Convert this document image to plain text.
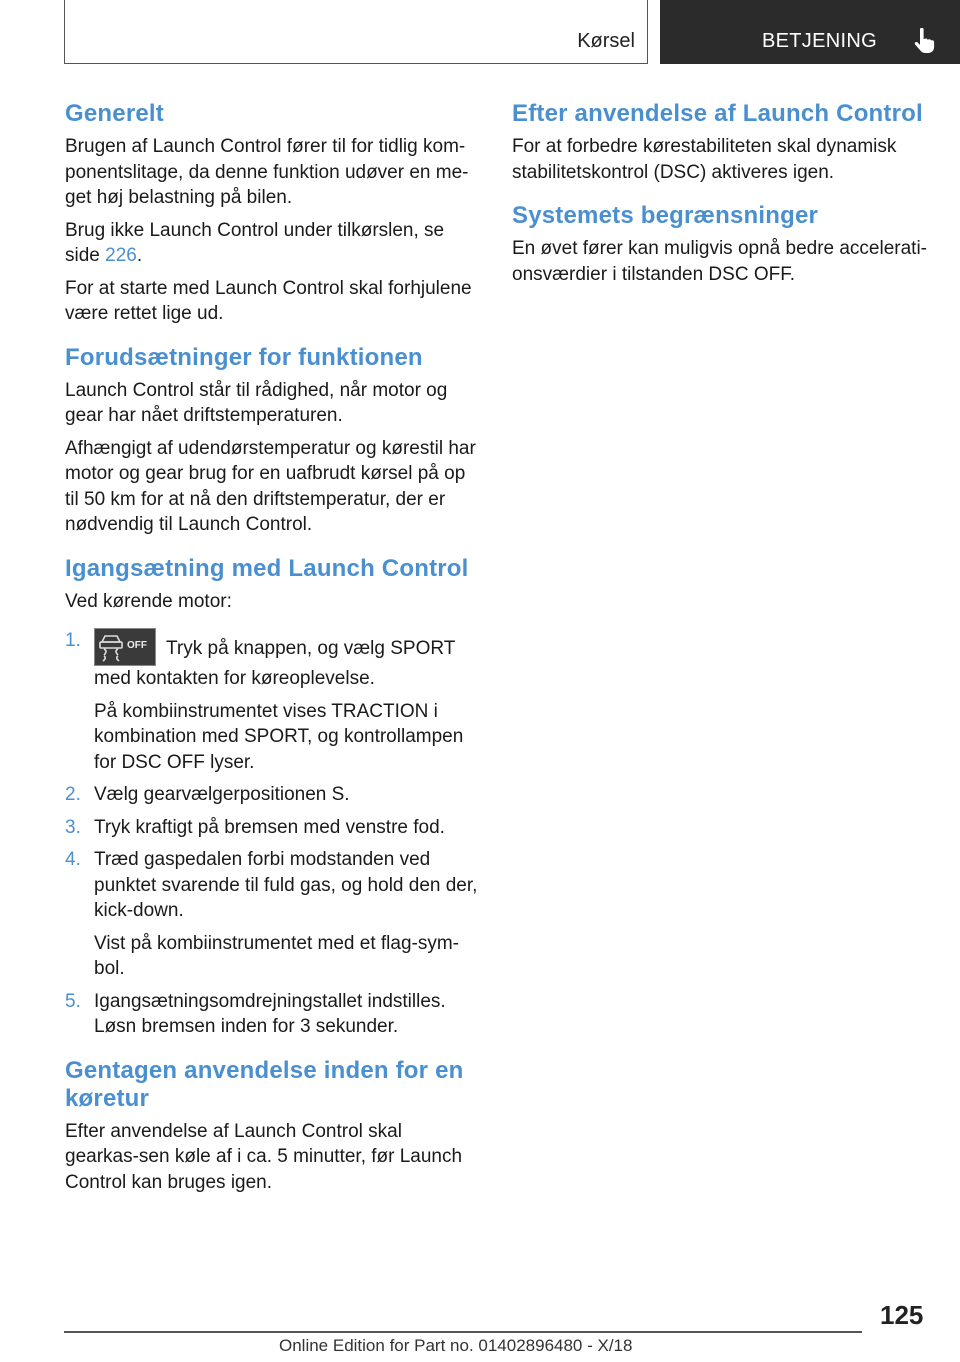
Kørsel	BETJENING
Generelt

Brugen af Launch Control fører til for tidlig kom-ponentslitage, da denne funktion udøver en me-get høj belastning på bilen.

Brug ikke Launch Control under tilkørslen, se side 226.

For at starte med Launch Control skal forhjulene være rettet lige ud.

Forudsætninger for funktionen

Launch Control står til rådighed, når motor og gear har nået driftstemperaturen.

Afhængigt af udendørstemperatur og kørestil har motor og gear brug for en uafbrudt kørsel på op til 50 km for at nå den driftstemperatur, der er nødvendig til Launch Control.

Igangsætning med Launch Control

Ved kørende motor:

1.	OFF Tryk på knappen, og vælg SPORT med kontakten for køreoplevelse.

På kombiinstrumentet vises TRACTION i kombination med SPORT, og kontrollampen for DSC OFF lyser.

2. Vælg gearvælgerpositionen S.
3. Tryk kraftigt på bremsen med venstre fod.
4. Træd gaspedalen forbi modstanden ved punktet svarende til fuld gas, og hold den der, kick-down.

Vist på kombiinstrumentet med et flag-sym-bol.

5. Igangsætningsomdrejningstallet indstilles. Løsn bremsen inden for 3 sekunder.
Gentagen anvendelse inden for en køretur

Efter anvendelse af Launch Control skal gearkas-sen køle af i ca. 5 minutter, før Launch Control kan bruges igen.

Efter anvendelse af Launch Control

For at forbedre kørestabiliteten skal dynamisk stabilitetskontrol (DSC) aktiveres igen.

Systemets begrænsninger

En øvet fører kan muligvis opnå bedre accelerati-onsværdier i tilstanden DSC OFF.

125
Online Edition for Part no. 01402896480 - X/18
